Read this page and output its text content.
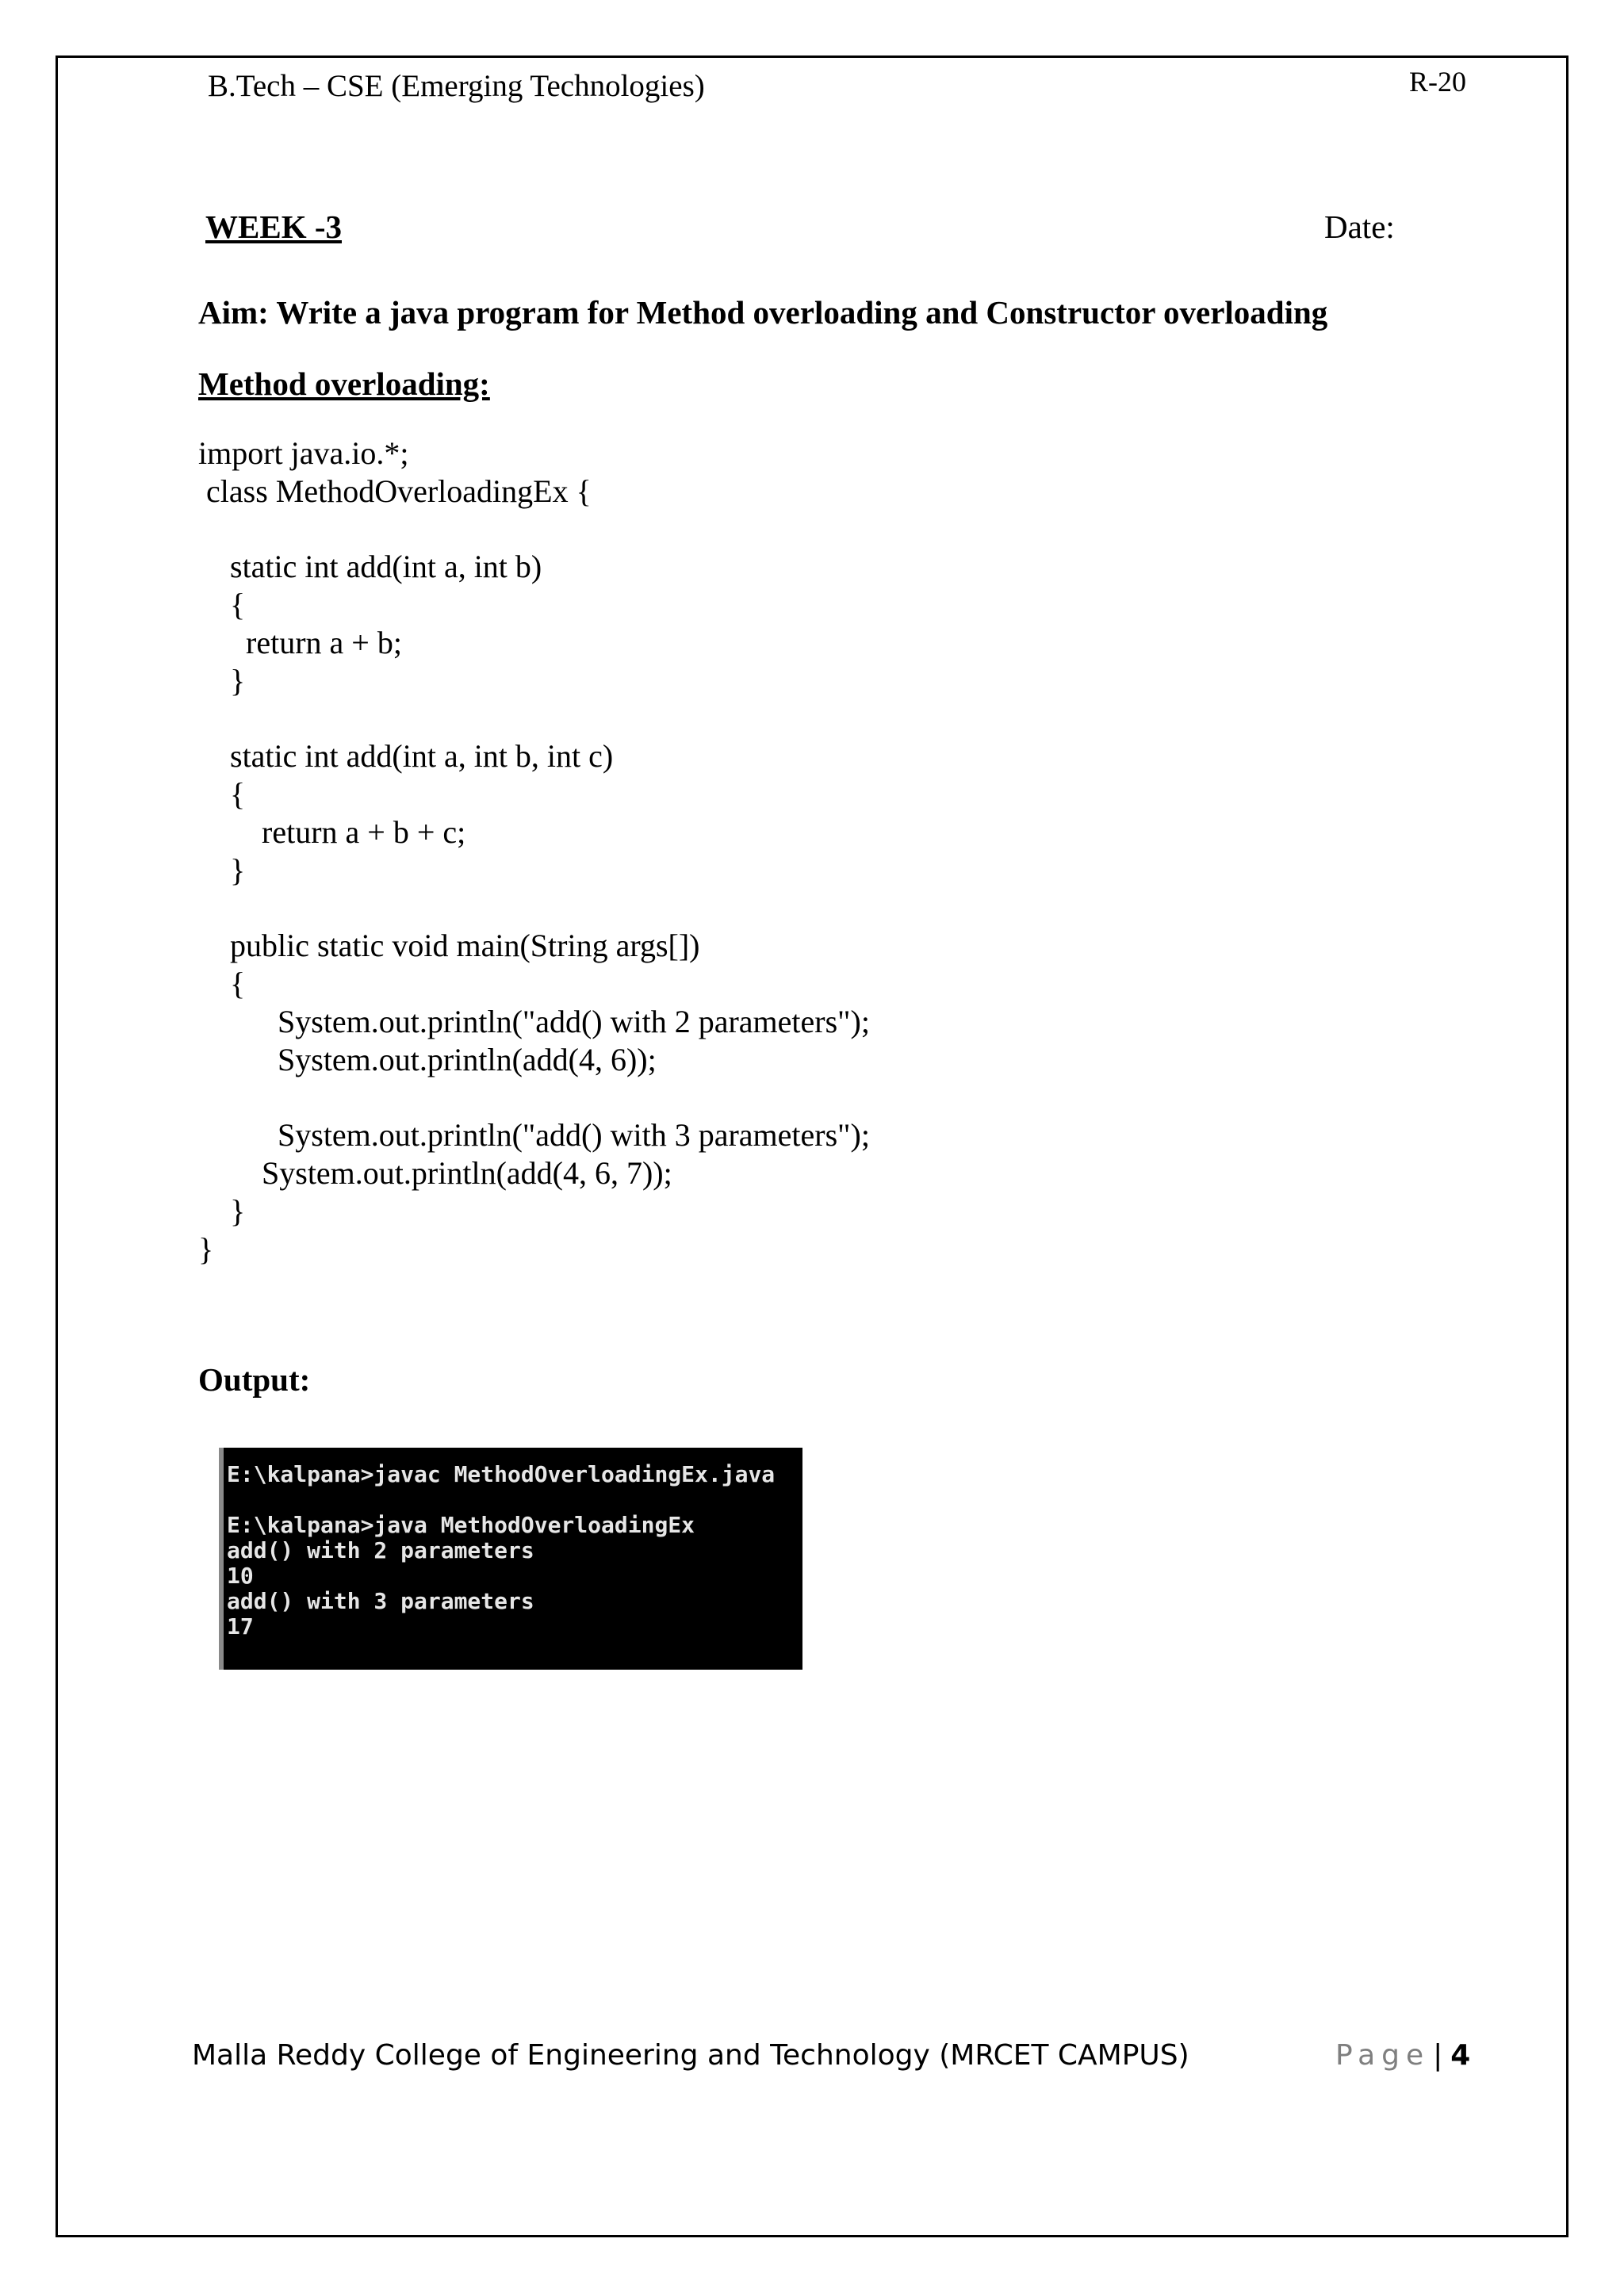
B.Tech – CSE (Emerging Technologies)	R-20
WEEK -3	Date:
Aim: Write a java program for Method overloading and Constructor overloading
Method overloading:
import java.io.*;
class MethodOverloadingEx {

static int add(int a, int b)
{
return a + b;
}

static int add(int a, int b, int c)
{
return a + b + c;
}

public static void main(String args[])
{
System.out.println("add() with 2 parameters");
System.out.println(add(4, 6));

System.out.println("add() with 3 parameters");
System.out.println(add(4, 6, 7));
}
}
Output:
E:\kalpana>javac MethodOverloadingEx.java

E:\kalpana>java MethodOverloadingEx
add() with 2 parameters
10
add() with 3 parameters
17
Malla Reddy College of Engineering and Technology (MRCET CAMPUS)	Page | 4
